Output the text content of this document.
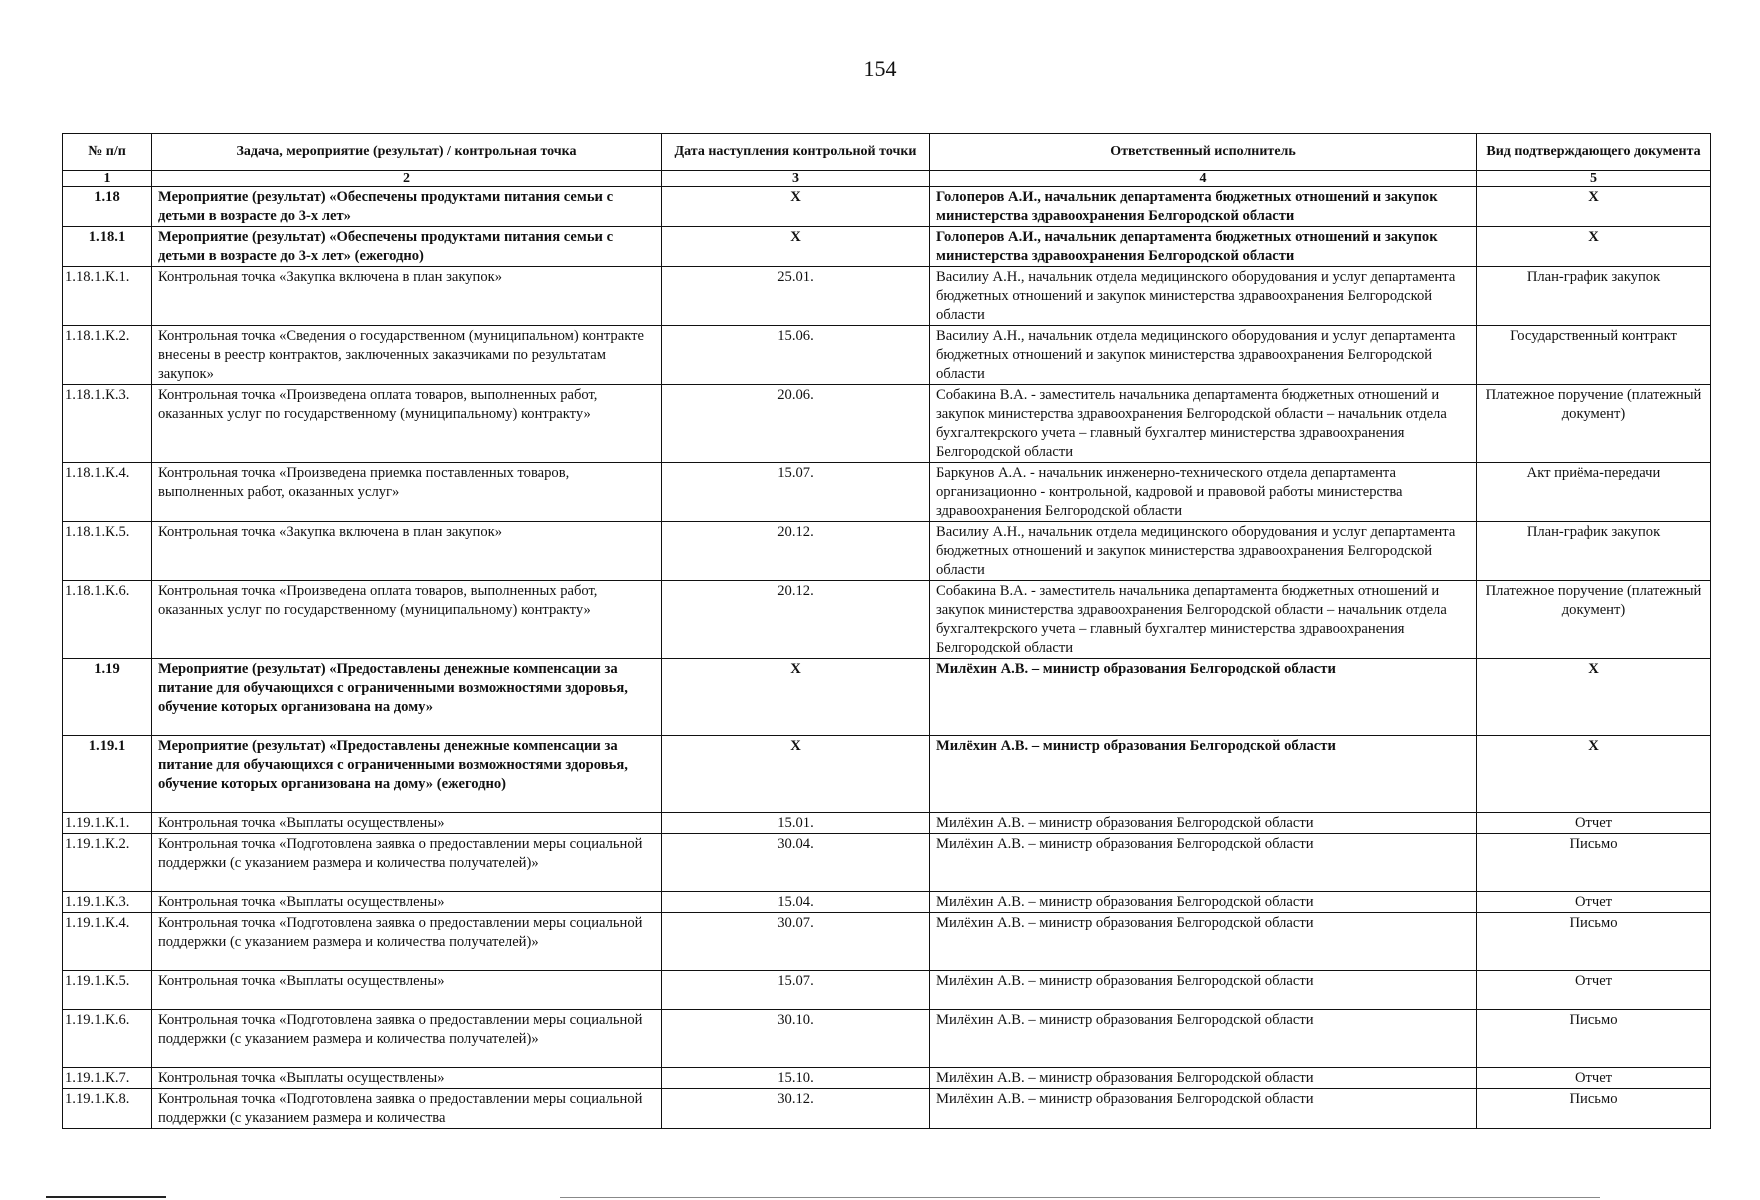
154
№ п/п	Задача, мероприятие (результат) / контрольная точка	Дата наступления контрольной точки	Ответственный исполнитель	Вид подтверждающего документа
1	2	3	4	5
1.18	Мероприятие (результат) «Обеспечены продуктами питания семьи с детьми в возрасте до 3-х лет»	Х	Голоперов А.И., начальник департамента бюджетных отношений и закупок министерства здравоохранения Белгородской области	Х
1.18.1	Мероприятие (результат) «Обеспечены продуктами питания семьи с детьми в возрасте до 3-х лет» (ежегодно)	Х	Голоперов А.И., начальник департамента бюджетных отношений и закупок министерства здравоохранения Белгородской области	Х
1.18.1.К.1.	Контрольная точка «Закупка включена в план закупок»	25.01.	Василиу А.Н., начальник отдела медицинского оборудования и услуг департамента бюджетных отношений и закупок министерства здравоохранения Белгородской области	План-график закупок
1.18.1.К.2.	Контрольная точка «Сведения о государственном (муниципальном) контракте внесены в реестр контрактов, заключенных заказчиками по результатам закупок»	15.06.	Василиу А.Н., начальник отдела медицинского оборудования и услуг департамента бюджетных отношений и закупок министерства здравоохранения Белгородской области	Государственный контракт
1.18.1.К.3.	Контрольная точка «Произведена оплата товаров, выполненных работ, оказанных услуг по государственному (муниципальному) контракту»	20.06.	Собакина В.А. - заместитель начальника департамента бюджетных отношений и закупок министерства здравоохранения Белгородской области – начальник отдела бухгалтекрского учета – главный бухгалтер министерства здравоохранения Белгородской области	Платежное поручение (платежный документ)
1.18.1.К.4.	Контрольная точка «Произведена приемка поставленных товаров, выполненных работ, оказанных услуг»	15.07.	Баркунов А.А. - начальник инженерно-технического отдела департамента организационно - контрольной, кадровой и правовой работы министерства здравоохранения Белгородской области	Акт приёма-передачи
1.18.1.К.5.	Контрольная точка «Закупка включена в план закупок»	20.12.	Василиу А.Н., начальник отдела медицинского оборудования и услуг департамента бюджетных отношений и закупок министерства здравоохранения Белгородской области	План-график закупок
1.18.1.К.6.	Контрольная точка «Произведена оплата товаров, выполненных работ, оказанных услуг по государственному (муниципальному) контракту»	20.12.	Собакина В.А. - заместитель начальника департамента бюджетных отношений и закупок министерства здравоохранения Белгородской области – начальник отдела бухгалтекрского учета – главный бухгалтер министерства здравоохранения Белгородской области	Платежное поручение (платежный документ)
1.19	Мероприятие (результат) «Предоставлены денежные компенсации за питание для обучающихся с ограниченными возможностями здоровья, обучение которых организована на дому»	Х	Милёхин А.В. – министр образования Белгородской области	Х
1.19.1	Мероприятие (результат) «Предоставлены денежные компенсации за питание для обучающихся с ограниченными возможностями здоровья, обучение которых организована на дому» (ежегодно)	Х	Милёхин А.В. – министр образования Белгородской области	Х
1.19.1.К.1.	Контрольная точка «Выплаты осуществлены»	15.01.	Милёхин А.В. – министр образования Белгородской области	Отчет
1.19.1.К.2.	Контрольная точка «Подготовлена заявка о предоставлении меры социальной поддержки (с указанием размера и количества получателей)»	30.04.	Милёхин А.В. – министр образования Белгородской области	Письмо
1.19.1.К.3.	Контрольная точка «Выплаты осуществлены»	15.04.	Милёхин А.В. – министр образования Белгородской области	Отчет
1.19.1.К.4.	Контрольная точка «Подготовлена заявка о предоставлении меры социальной поддержки (с указанием размера и количества получателей)»	30.07.	Милёхин А.В. – министр образования Белгородской области	Письмо
1.19.1.К.5.	Контрольная точка «Выплаты осуществлены»	15.07.	Милёхин А.В. – министр образования Белгородской области	Отчет
1.19.1.К.6.	Контрольная точка «Подготовлена заявка о предоставлении меры социальной поддержки (с указанием размера и количества получателей)»	30.10.	Милёхин А.В. – министр образования Белгородской области	Письмо
1.19.1.К.7.	Контрольная точка «Выплаты осуществлены»	15.10.	Милёхин А.В. – министр образования Белгородской области	Отчет
1.19.1.К.8.	Контрольная точка «Подготовлена заявка о предоставлении меры социальной поддержки (с указанием размера и количества	30.12.	Милёхин А.В. – министр образования Белгородской области	Письмо
